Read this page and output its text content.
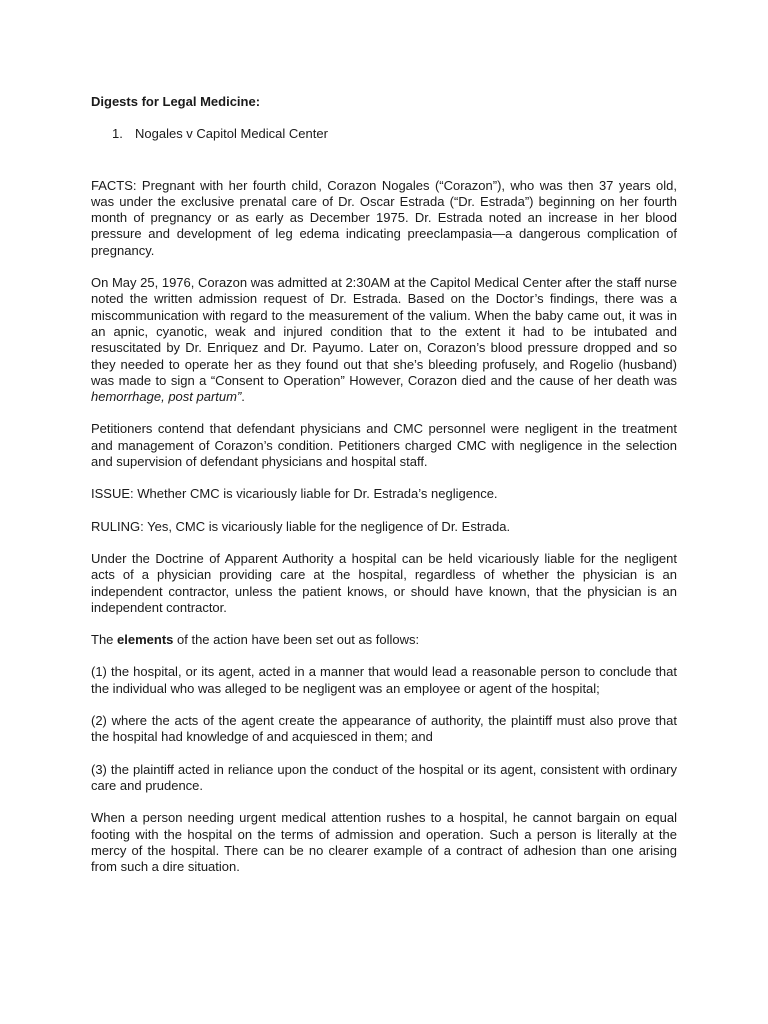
Digests for Legal Medicine:
1. Nogales v Capitol Medical Center

FACTS: Pregnant with her fourth child, Corazon Nogales (“Corazon”), who was then 37 years old, was under the exclusive prenatal care of Dr. Oscar Estrada (“Dr. Estrada”) beginning on her fourth month of pregnancy or as early as December 1975. Dr. Estrada noted an increase in her blood pressure and development of leg edema indicating preeclampasia—a dangerous complication of pregnancy.

On May 25, 1976, Corazon was admitted at 2:30AM at the Capitol Medical Center after the staff nurse noted the written admission request of Dr. Estrada. Based on the Doctor’s findings, there was a miscommunication with regard to the measurement of the valium. When the baby came out, it was in an apnic, cyanotic, weak and injured condition that to the extent it had to be intubated and resuscitated by Dr. Enriquez and Dr. Payumo. Later on, Corazon’s blood pressure dropped and so they needed to operate her as they found out that she’s bleeding profusely, and Rogelio (husband) was made to sign a “Consent to Operation” However, Corazon died and the cause of her death was hemorrhage, post partum”.

Petitioners contend that defendant physicians and CMC personnel were negligent in the treatment and management of Corazon’s condition. Petitioners charged CMC with negligence in the selection and supervision of defendant physicians and hospital staff.

ISSUE: Whether CMC is vicariously liable for Dr. Estrada’s negligence.

RULING: Yes, CMC is vicariously liable for the negligence of Dr. Estrada.

Under the Doctrine of Apparent Authority a hospital can be held vicariously liable for the negligent acts of a physician providing care at the hospital, regardless of whether the physician is an independent contractor, unless the patient knows, or should have known, that the physician is an independent contractor.

The elements of the action have been set out as follows:

(1) the hospital, or its agent, acted in a manner that would lead a reasonable person to conclude that the individual who was alleged to be negligent was an employee or agent of the hospital;

(2) where the acts of the agent create the appearance of authority, the plaintiff must also prove that the hospital had knowledge of and acquiesced in them; and

(3) the plaintiff acted in reliance upon the conduct of the hospital or its agent, consistent with ordinary care and prudence.

When a person needing urgent medical attention rushes to a hospital, he cannot bargain on equal footing with the hospital on the terms of admission and operation. Such a person is literally at the mercy of the hospital. There can be no clearer example of a contract of adhesion than one arising from such a dire situation.
